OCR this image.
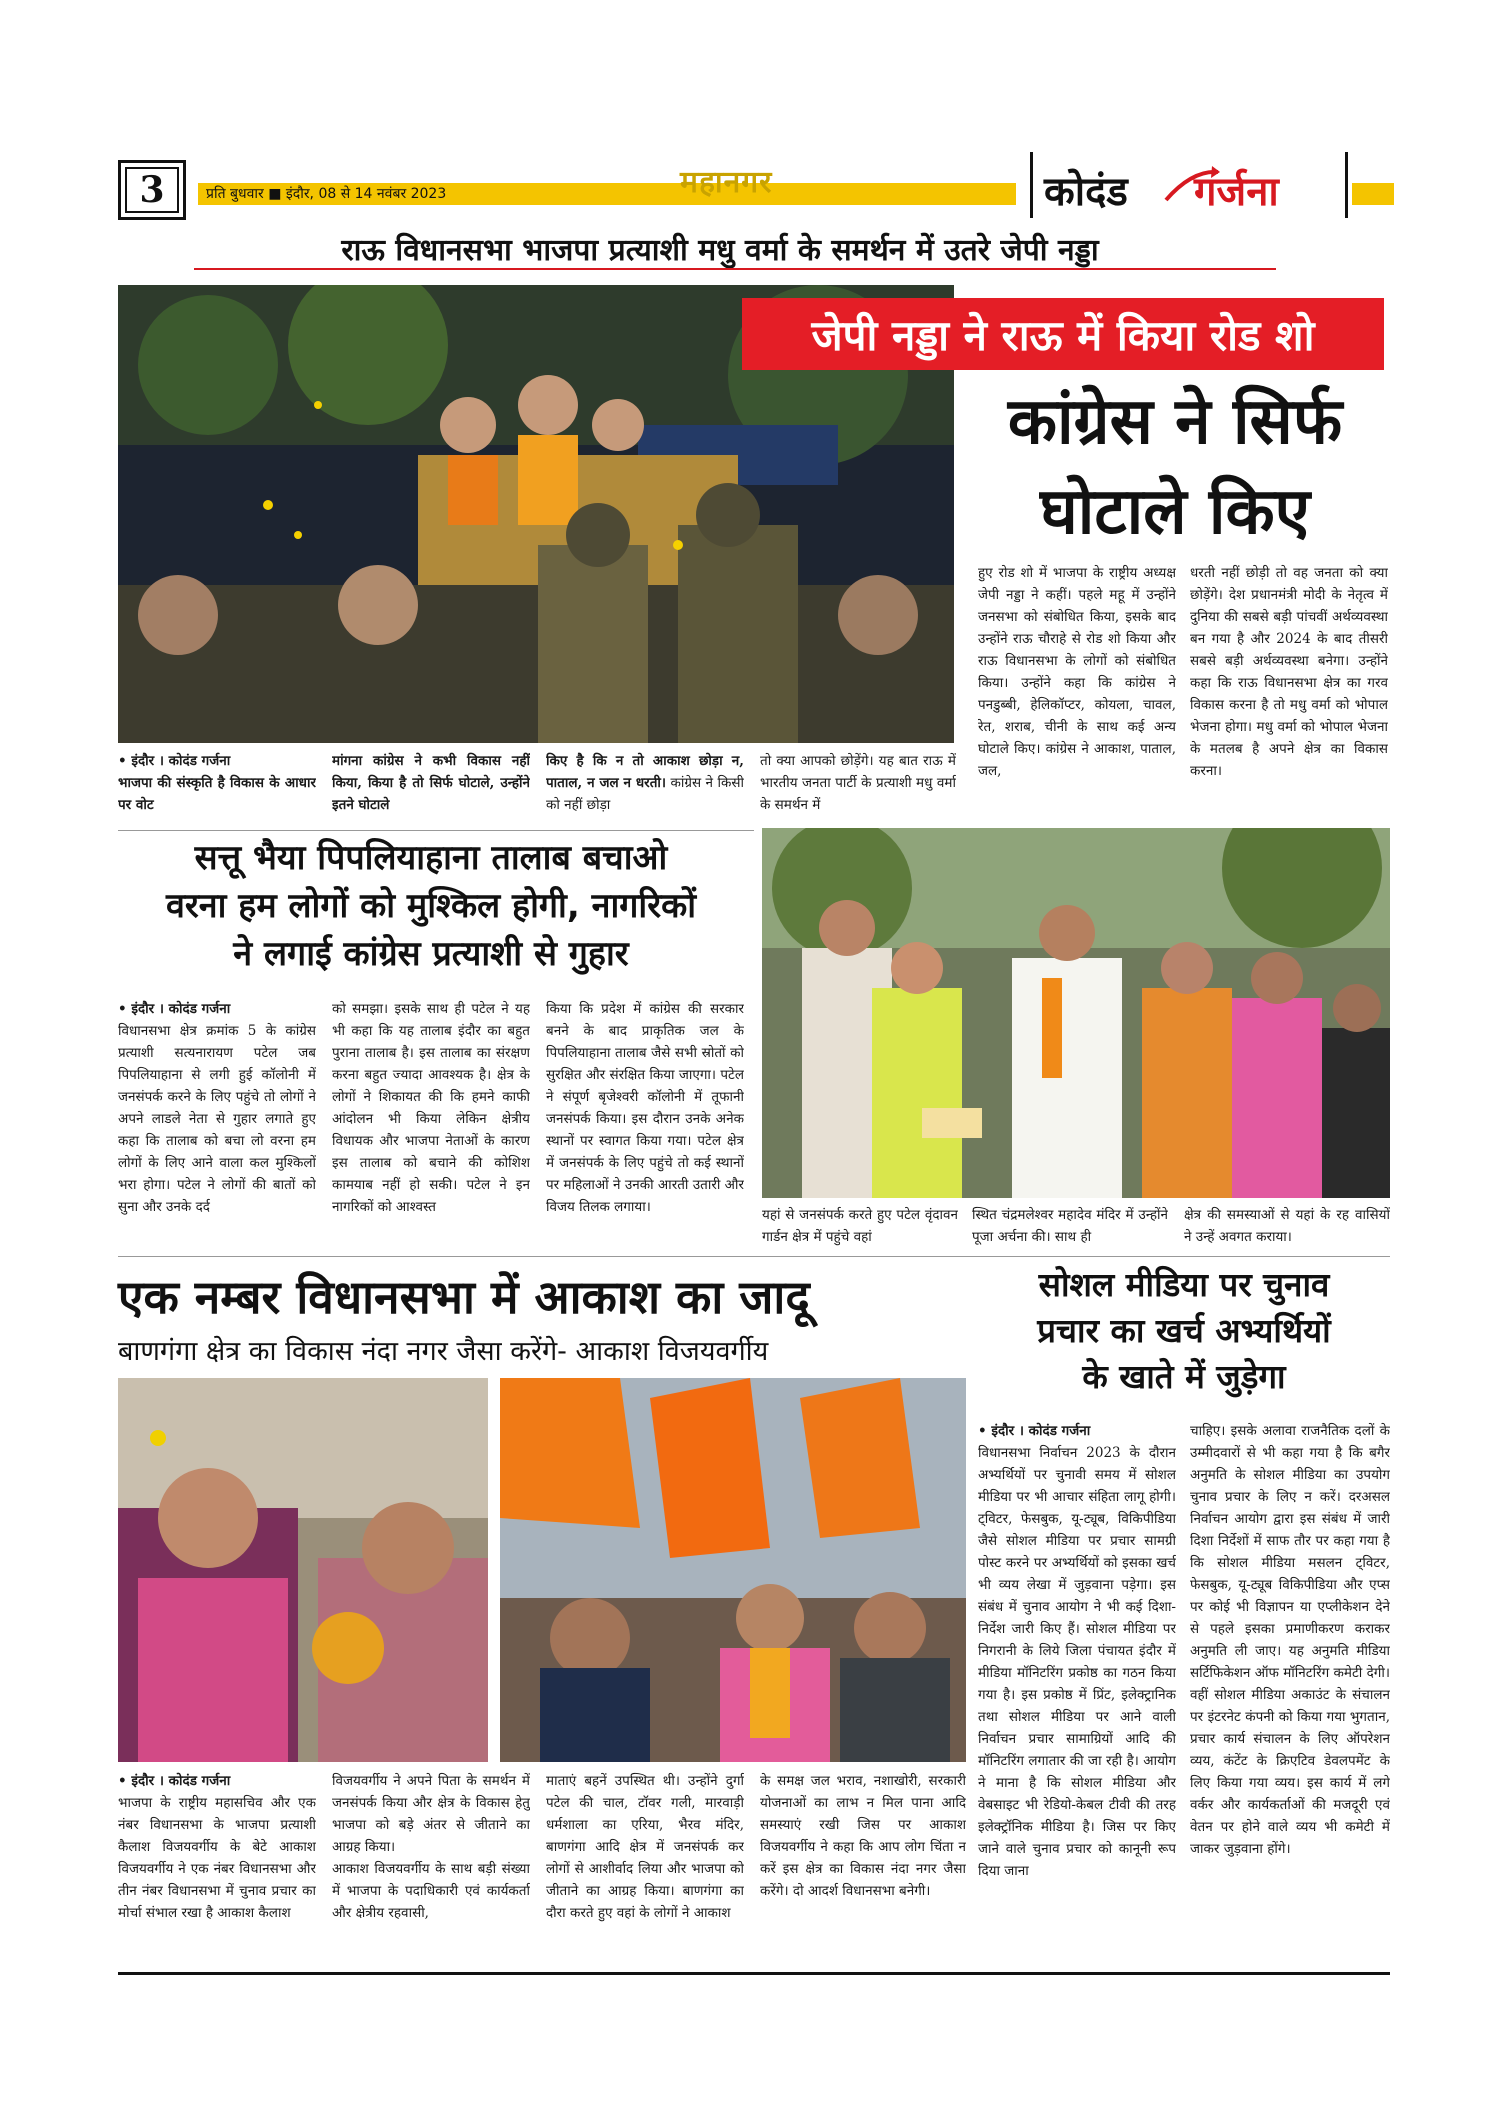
3	प्रति बुधवार ■ इंदौर, 08 से 14 नवंबर 2023	महानगर	कोदंड गर्जना
राऊ विधानसभा भाजपा प्रत्याशी मधु वर्मा के समर्थन में उतरे जेपी नड्डा
जेपी नड्डा ने राऊ में किया रोड शो
कांग्रेस ने सिर्फ
घोटाले किए
• इंदौर । कोदंड गर्जना
भाजपा की संस्कृति है विकास के आधार पर वोट
मांगना कांग्रेस ने कभी विकास नहीं किया, किया है तो सिर्फ घोटाले, उन्होंने इतने घोटाले
किए है कि न तो आकाश छोड़ा न, पाताल, न जल न धरती। कांग्रेस ने किसी को नहीं छोड़ा
तो क्या आपको छोड़ेंगे। यह बात राऊ में भारतीय जनता पार्टी के प्रत्याशी मधु वर्मा के समर्थन में
हुए रोड शो में भाजपा के राष्ट्रीय अध्यक्ष जेपी नड्डा ने कहीं। पहले महू में उन्होंने जनसभा को संबोधित किया, इसके बाद उन्होंने राऊ चौराहे से रोड शो किया और राऊ विधानसभा के लोगों को संबोधित किया। उन्होंने कहा कि कांग्रेस ने पनडुब्बी, हेलिकॉप्टर, कोयला, चावल, रेत, शराब, चीनी के साथ कई अन्य घोटाले किए। कांग्रेस ने आकाश, पाताल, जल,
धरती नहीं छोड़ी तो वह जनता को क्या छोड़ेंगे। देश प्रधानमंत्री मोदी के नेतृत्व में दुनिया की सबसे बड़ी पांचवीं अर्थव्यवस्था बन गया है और 2024 के बाद तीसरी सबसे बड़ी अर्थव्यवस्था बनेगा। उन्होंने कहा कि राऊ विधानसभा क्षेत्र का गरव विकास करना है तो मधु वर्मा को भोपाल भेजना होगा। मधु वर्मा को भोपाल भेजना के मतलब है अपने क्षेत्र का विकास करना।
सत्तू भैया पिपलियाहाना तालाब बचाओ
वरना हम लोगों को मुश्किल होगी, नागरिकों
ने लगाई कांग्रेस प्रत्याशी से गुहार
• इंदौर । कोदंड गर्जना
विधानसभा क्षेत्र क्रमांक 5 के कांग्रेस प्रत्याशी सत्यनारायण पटेल जब पिपलियाहाना से लगी हुई कॉलोनी में जनसंपर्क करने के लिए पहुंचे तो लोगों ने अपने लाडले नेता से गुहार लगाते हुए कहा कि तालाब को बचा लो वरना हम लोगों के लिए आने वाला कल मुश्किलों भरा होगा। पटेल ने लोगों की बातों को सुना और उनके दर्द
को समझा। इसके साथ ही पटेल ने यह भी कहा कि यह तालाब इंदौर का बहुत पुराना तालाब है। इस तालाब का संरक्षण करना बहुत ज्यादा आवश्यक है। क्षेत्र के लोगों ने शिकायत की कि हमने काफी आंदोलन भी किया लेकिन क्षेत्रीय विधायक और भाजपा नेताओं के कारण इस तालाब को बचाने की कोशिश कामयाब नहीं हो सकी। पटेल ने इन नागरिकों को आश्वस्त
किया कि प्रदेश में कांग्रेस की सरकार बनने के बाद प्राकृतिक जल के पिपलियाहाना तालाब जैसे सभी स्रोतों को सुरक्षित और संरक्षित किया जाएगा। पटेल ने संपूर्ण बृजेश्वरी कॉलोनी में तूफानी जनसंपर्क किया। इस दौरान उनके अनेक स्थानों पर स्वागत किया गया। पटेल क्षेत्र में जनसंपर्क के लिए पहुंचे तो कई स्थानों पर महिलाओं ने उनकी आरती उतारी और विजय तिलक लगाया।	यहां से जनसंपर्क करते हुए पटेल वृंदावन गार्डन क्षेत्र में पहुंचे वहां
स्थित चंद्रमलेश्वर महादेव मंदिर में उन्होंने पूजा अर्चना की। साथ ही
क्षेत्र की समस्याओं से यहां के रह वासियों ने उन्हें अवगत कराया।
एक नम्बर विधानसभा में आकाश का जादू
बाणगंगा क्षेत्र का विकास नंदा नगर जैसा करेंगे- आकाश विजयवर्गीय
• इंदौर । कोदंड गर्जना
भाजपा के राष्ट्रीय महासचिव और एक नंबर विधानसभा के भाजपा प्रत्याशी कैलाश विजयवर्गीय के बेटे आकाश विजयवर्गीय ने एक नंबर विधानसभा और तीन नंबर विधानसभा में चुनाव प्रचार का मोर्चा संभाल रखा है आकाश कैलाश
विजयवर्गीय ने अपने पिता के समर्थन में जनसंपर्क किया और क्षेत्र के विकास हेतु भाजपा को बड़े अंतर से जीताने का आग्रह किया।
आकाश विजयवर्गीय के साथ बड़ी संख्या में भाजपा के पदाधिकारी एवं कार्यकर्ता और क्षेत्रीय रहवासी,
माताएं बहनें उपस्थित थी। उन्होंने दुर्गा पटेल की चाल, टॉवर गली, मारवाड़ी धर्मशाला का एरिया, भैरव मंदिर, बाणगंगा आदि क्षेत्र में जनसंपर्क कर लोगों से आशीर्वाद लिया और भाजपा को जीताने का आग्रह किया। बाणगंगा का दौरा करते हुए वहां के लोगों ने आकाश
के समक्ष जल भराव, नशाखोरी, सरकारी योजनाओं का लाभ न मिल पाना आदि समस्याएं रखी जिस पर आकाश विजयवर्गीय ने कहा कि आप लोग चिंता न करें इस क्षेत्र का विकास नंदा नगर जैसा करेंगे। दो आदर्श विधानसभा बनेगी।
सोशल मीडिया पर चुनाव
प्रचार का खर्च अभ्यर्थियों
के खाते में जुड़ेगा
• इंदौर । कोदंड गर्जना
विधानसभा निर्वाचन 2023 के दौरान अभ्यर्थियों पर चुनावी समय में सोशल मीडिया पर भी आचार संहिता लागू होगी। ट्विटर, फेसबुक, यू-ट्यूब, विकिपीडिया जैसे सोशल मीडिया पर प्रचार सामग्री पोस्ट करने पर अभ्यर्थियों को इसका खर्च भी व्यय लेखा में जुड़वाना पड़ेगा। इस संबंध में चुनाव आयोग ने भी कई दिशा-निर्देश जारी किए हैं। सोशल मीडिया पर निगरानी के लिये जिला पंचायत इंदौर में मीडिया मॉनिटरिंग प्रकोष्ठ का गठन किया गया है। इस प्रकोष्ठ में प्रिंट, इलेक्ट्रानिक तथा सोशल मीडिया पर आने वाली निर्वाचन प्रचार सामाग्रियों आदि की मॉनिटरिंग लगातार की जा रही है। आयोग ने माना है कि सोशल मीडिया और वेबसाइट भी रेडियो-केबल टीवी की तरह इलेक्ट्रॉनिक मीडिया है। जिस पर किए जाने वाले चुनाव प्रचार को कानूनी रूप दिया जाना
चाहिए। इसके अलावा राजनैतिक दलों के उम्मीदवारों से भी कहा गया है कि बगैर अनुमति के सोशल मीडिया का उपयोग चुनाव प्रचार के लिए न करें। दरअसल निर्वाचन आयोग द्वारा इस संबंध में जारी दिशा निर्देशों में साफ तौर पर कहा गया है कि सोशल मीडिया मसलन ट्विटर, फेसबुक, यू-ट्यूब विकिपीडिया और एप्स पर कोई भी विज्ञापन या एप्लीकेशन देने से पहले इसका प्रमाणीकरण कराकर अनुमति ली जाए। यह अनुमति मीडिया सर्टिफिकेशन ऑफ मॉनिटरिंग कमेटी देगी। वहीं सोशल मीडिया अकाउंट के संचालन पर इंटरनेट कंपनी को किया गया भुगतान, प्रचार कार्य संचालन के लिए ऑपरेशन व्यय, कंटेंट के क्रिएटिव डेवलपमेंट के लिए किया गया व्यय। इस कार्य में लगे वर्कर और कार्यकर्ताओं की मजदूरी एवं वेतन पर होने वाले व्यय भी कमेटी में जाकर जुड़वाना होंगे।
